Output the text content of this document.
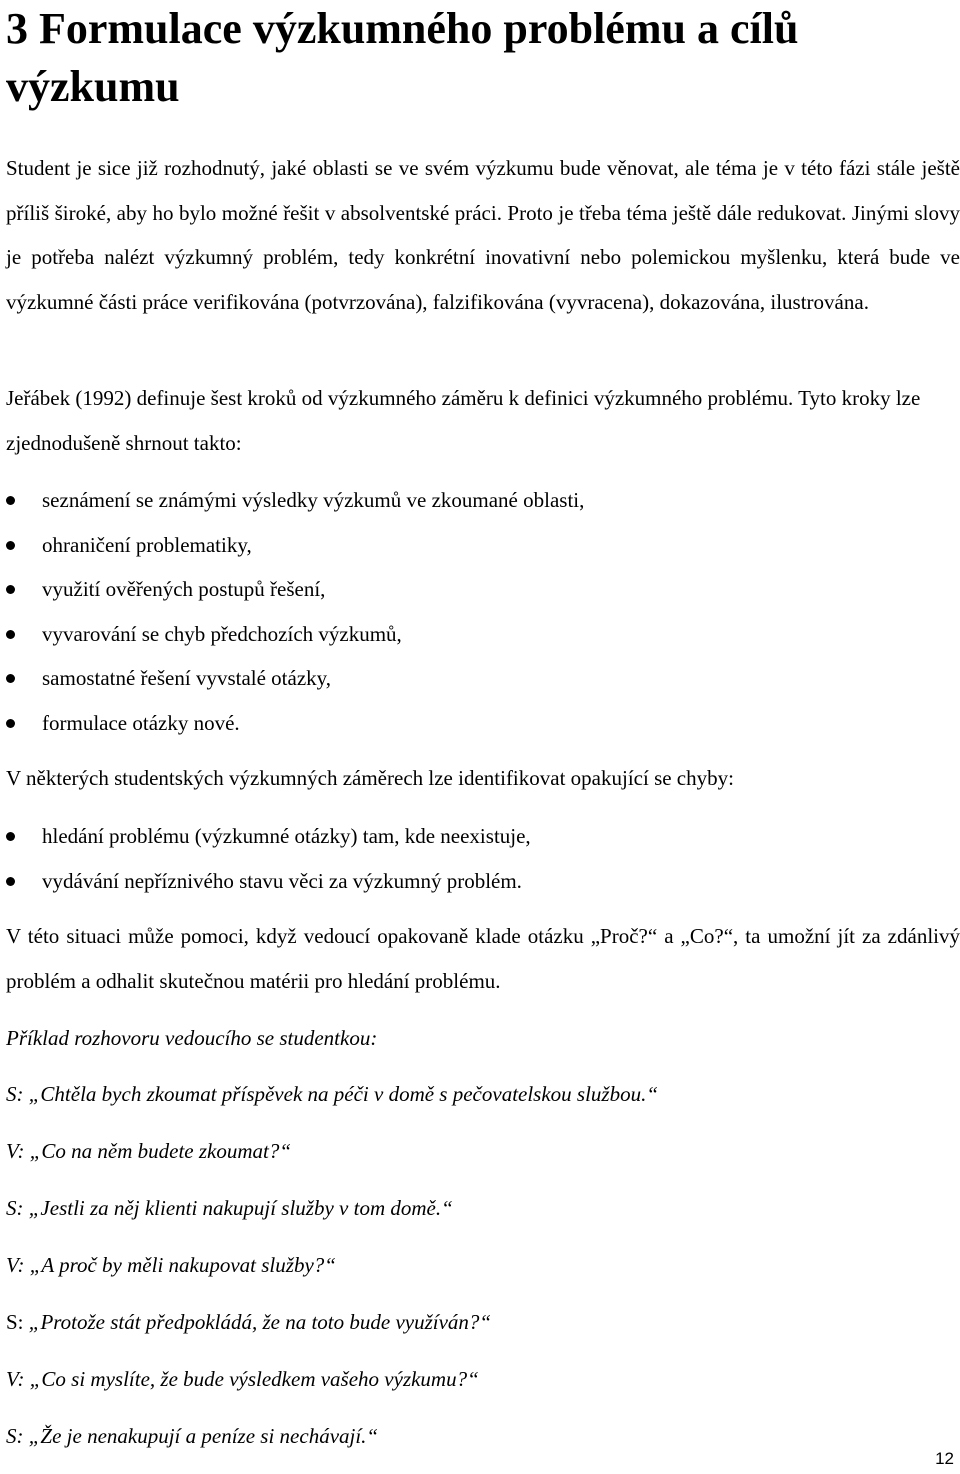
3 Formulace výzkumného problému a cílů výzkumu

Student je sice již rozhodnutý, jaké oblasti se ve svém výzkumu bude věnovat, ale téma je v této fázi stále ještě příliš široké, aby ho bylo možné řešit v absolventské práci. Proto je třeba téma ještě dále redukovat. Jinými slovy je potřeba nalézt výzkumný problém, tedy konkrétní inovativní nebo polemickou myšlenku, která bude ve výzkumné části práce verifikována (potvrzována), falzifikována (vyvracena), dokazována, ilustrována.

Jeřábek (1992) definuje šest kroků od výzkumného záměru k definici výzkumného problému. Tyto kroky lze zjednodušeně shrnout takto:

seznámení se známými výsledky výzkumů ve zkoumané oblasti,
ohraničení problematiky,
využití ověřených postupů řešení,
vyvarování se chyb předchozích výzkumů,
samostatné řešení vyvstalé otázky,
formulace otázky nové.

V některých studentských výzkumných záměrech lze identifikovat opakující se chyby:

hledání problému (výzkumné otázky) tam, kde neexistuje,
vydávání nepříznivého stavu věci za výzkumný problém.

V této situaci může pomoci, když vedoucí opakovaně klade otázku „Proč?“ a „Co?“, ta umožní jít za zdánlivý problém a odhalit skutečnou matérii pro hledání problému.

Příklad rozhovoru vedoucího se studentkou:

S: „Chtěla bych zkoumat příspěvek na péči v domě s pečovatelskou službou.“

V: „Co na něm budete zkoumat?“

S: „Jestli za něj klienti nakupují služby v tom domě.“

V: „A proč by měli nakupovat služby?“

S: „Protože stát předpokládá, že na toto bude využíván?“

V: „Co si myslíte, že bude výsledkem vašeho výzkumu?“

S: „Že je nenakupují a peníze si nechávají.“

12
